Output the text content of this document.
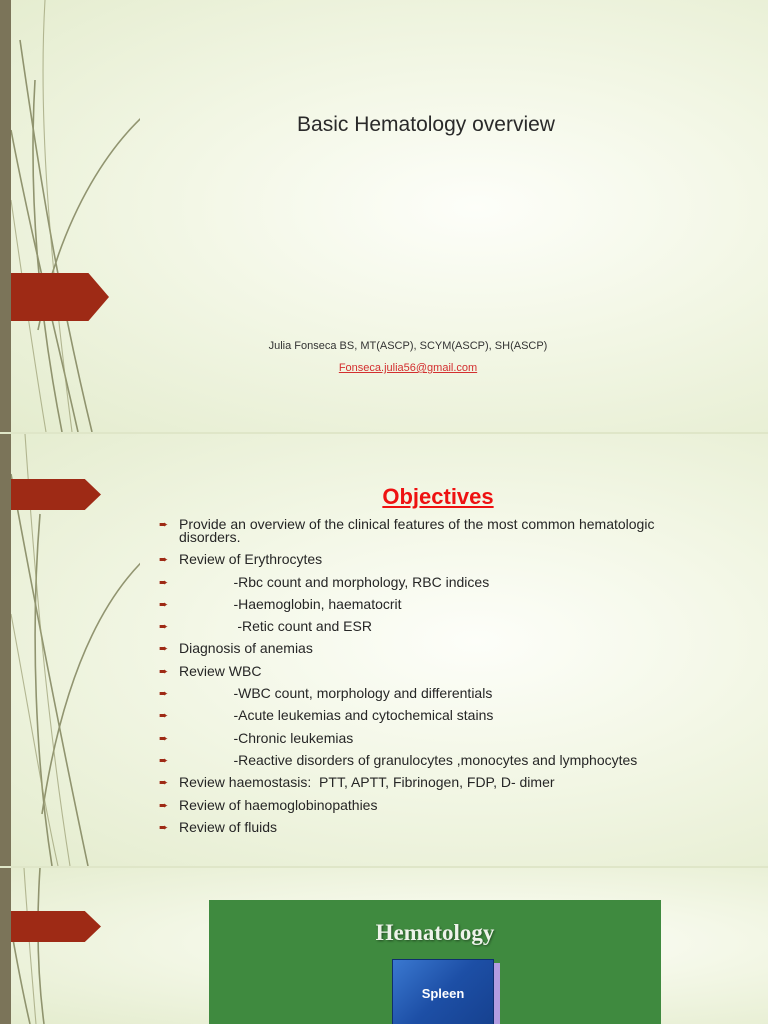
Basic Hematology overview
Julia Fonseca BS, MT(ASCP), SCYM(ASCP), SH(ASCP)
Fonseca.julia56@gmail.com
Objectives
➨ Provide an overview of the clinical features of the most common hematologic disorders.
➨ Review of Erythrocytes
➨ -Rbc count and morphology, RBC indices
➨ -Haemoglobin, haematocrit
➨ -Retic count and ESR
➨ Diagnosis of anemias
➨ Review WBC
➨ -WBC count, morphology and differentials
➨ -Acute leukemias and cytochemical stains
➨ -Chronic leukemias
➨ -Reactive disorders of granulocytes ,monocytes and lymphocytes
➨ Review haemostasis:  PTT, APTT, Fibrinogen, FDP, D- dimer
➨ Review of haemoglobinopathies
➨ Review of fluids
Hematology
Spleen
